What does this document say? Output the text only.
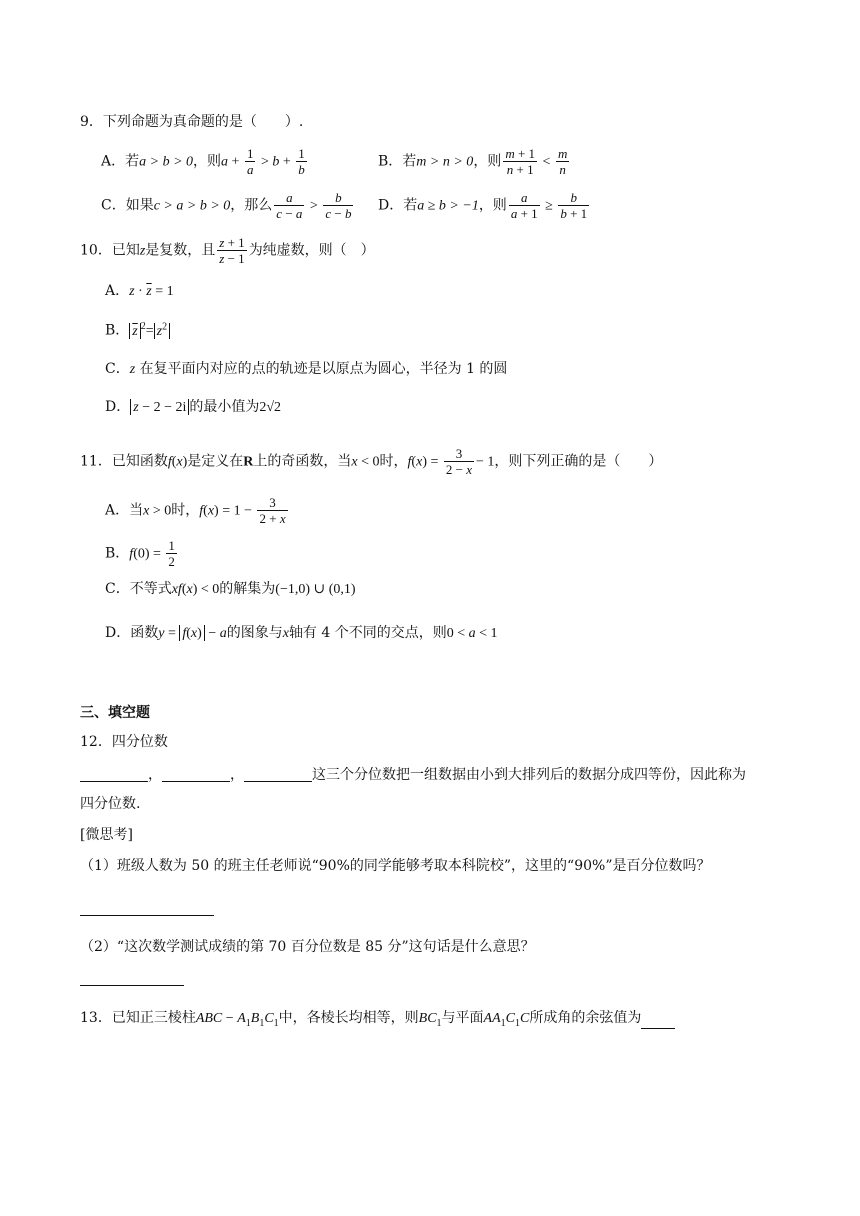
9．下列命题为真命题的是（　　）.
A．若a > b > 0，则$a + \frac{1}{a} > b + \frac{1}{b}$	B．若m > n > 0，则 $\frac{m + 1}{n + 1} < \frac{m}{n}$
C．如果c > a > b > 0，那么 $\frac{a}{c - a} > \frac{b}{c - b}$ D．若a ≥ b > −1，则 $\frac{a}{a + 1} \ge \frac{b}{b + 1}$
10．已知z是复数，且 $\frac{z + 1}{z - 1}$ 为纯虚数，则（　）
A．$z \cdot \overline{z} = 1$
B． $\overline{z}$ $^2= z^2$
C．z 在复平面内对应的点的轨迹是以原点为圆心，半径为 1 的圆
D． z − 2 − 2i 的最小值为2√2
11．已知函数f(x)是定义在R上的奇函数，当x < 0时，$f(x) = \frac{3}{2 - x} - 1$，则下列正确的是（　　）
A．当x > 0时，$f(x) = 1 - \frac{3}{2 + x}$
B．$f(0) = \frac{1}{2}$
C．不等式xf(x) < 0的解集为(−1,0) ∪ (0,1)
D．函数y = f(x) − a的图象与x轴有 4 个不同的交点，则0 < a < 1
三、填空题
12．四分位数
，	，	这三个分位数把一组数据由小到大排列后的数据分成四等份，因此称为
四分位数.
[微思考]
（1）班级人数为 50 的班主任老师说“90%的同学能够考取本科院校”，这里的“90%”是百分位数吗？
（2）“这次数学测试成绩的第 70 百分位数是 85 分”这句话是什么意思？
13．已知正三棱柱ABC − $A_1B_1C_1$中，各棱长均相等，则$BC_1$与平面$AA_1C_1C$所成角的余弦值为
